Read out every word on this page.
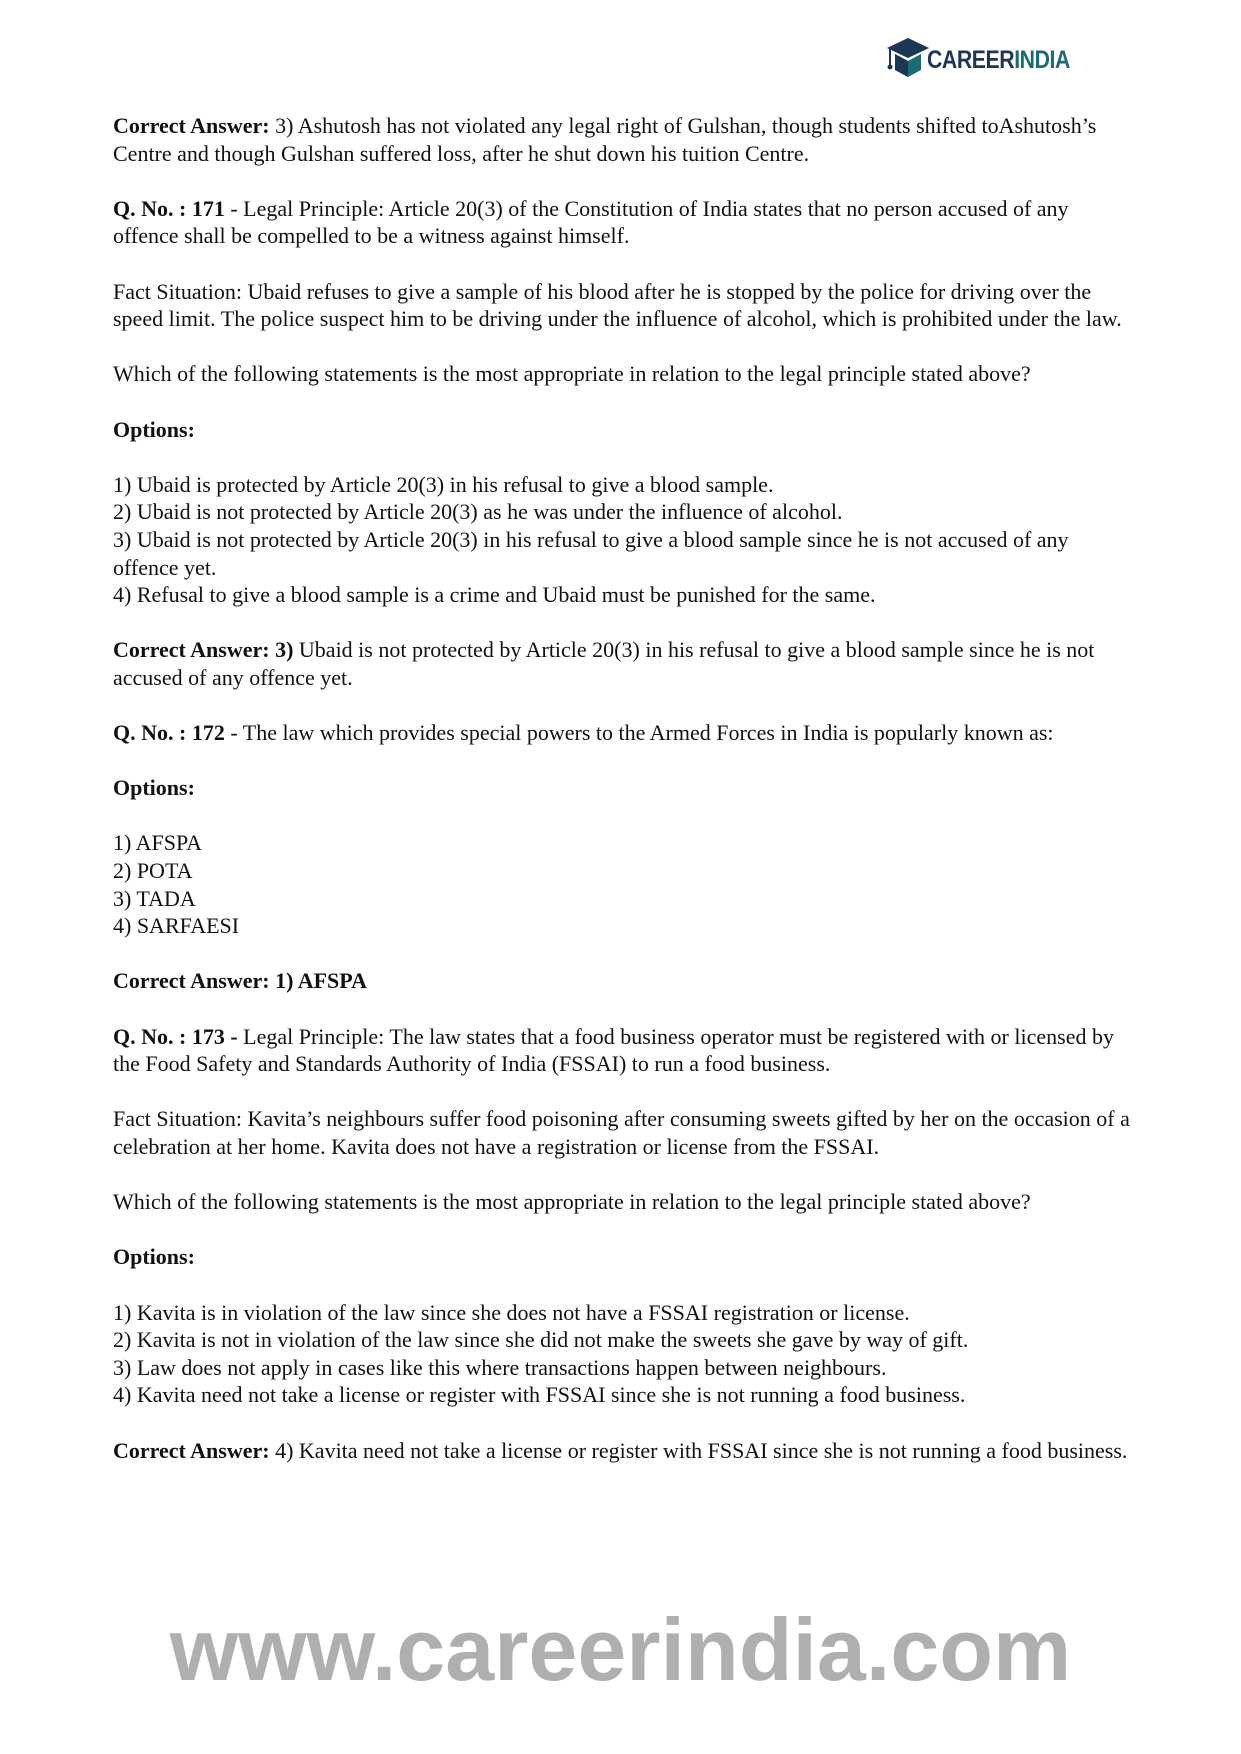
CAREERINDIA

Correct Answer: 3) Ashutosh has not violated any legal right of Gulshan, though students shifted toAshutosh’s Centre and though Gulshan suffered loss, after he shut down his tuition Centre.

Q. No. : 171 - Legal Principle: Article 20(3) of the Constitution of India states that no person accused of any offence shall be compelled to be a witness against himself.

Fact Situation: Ubaid refuses to give a sample of his blood after he is stopped by the police for driving over the speed limit. The police suspect him to be driving under the influence of alcohol, which is prohibited under the law.

Which of the following statements is the most appropriate in relation to the legal principle stated above?

Options:

1) Ubaid is protected by Article 20(3) in his refusal to give a blood sample.
2) Ubaid is not protected by Article 20(3) as he was under the influence of alcohol.
3) Ubaid is not protected by Article 20(3) in his refusal to give a blood sample since he is not accused of any offence yet.
4) Refusal to give a blood sample is a crime and Ubaid must be punished for the same.

Correct Answer: 3) Ubaid is not protected by Article 20(3) in his refusal to give a blood sample since he is not accused of any offence yet.

Q. No. : 172 - The law which provides special powers to the Armed Forces in India is popularly known as:

Options:

1) AFSPA
2) POTA
3) TADA
4) SARFAESI

Correct Answer: 1) AFSPA

Q. No. : 173 - Legal Principle: The law states that a food business operator must be registered with or licensed by the Food Safety and Standards Authority of India (FSSAI) to run a food business.

Fact Situation: Kavita’s neighbours suffer food poisoning after consuming sweets gifted by her on the occasion of a celebration at her home. Kavita does not have a registration or license from the FSSAI.

Which of the following statements is the most appropriate in relation to the legal principle stated above?

Options:

1) Kavita is in violation of the law since she does not have a FSSAI registration or license.
2) Kavita is not in violation of the law since she did not make the sweets she gave by way of gift.
3) Law does not apply in cases like this where transactions happen between neighbours.
4) Kavita need not take a license or register with FSSAI since she is not running a food business.

Correct Answer: 4) Kavita need not take a license or register with FSSAI since she is not running a food business.

www.careerindia.com
